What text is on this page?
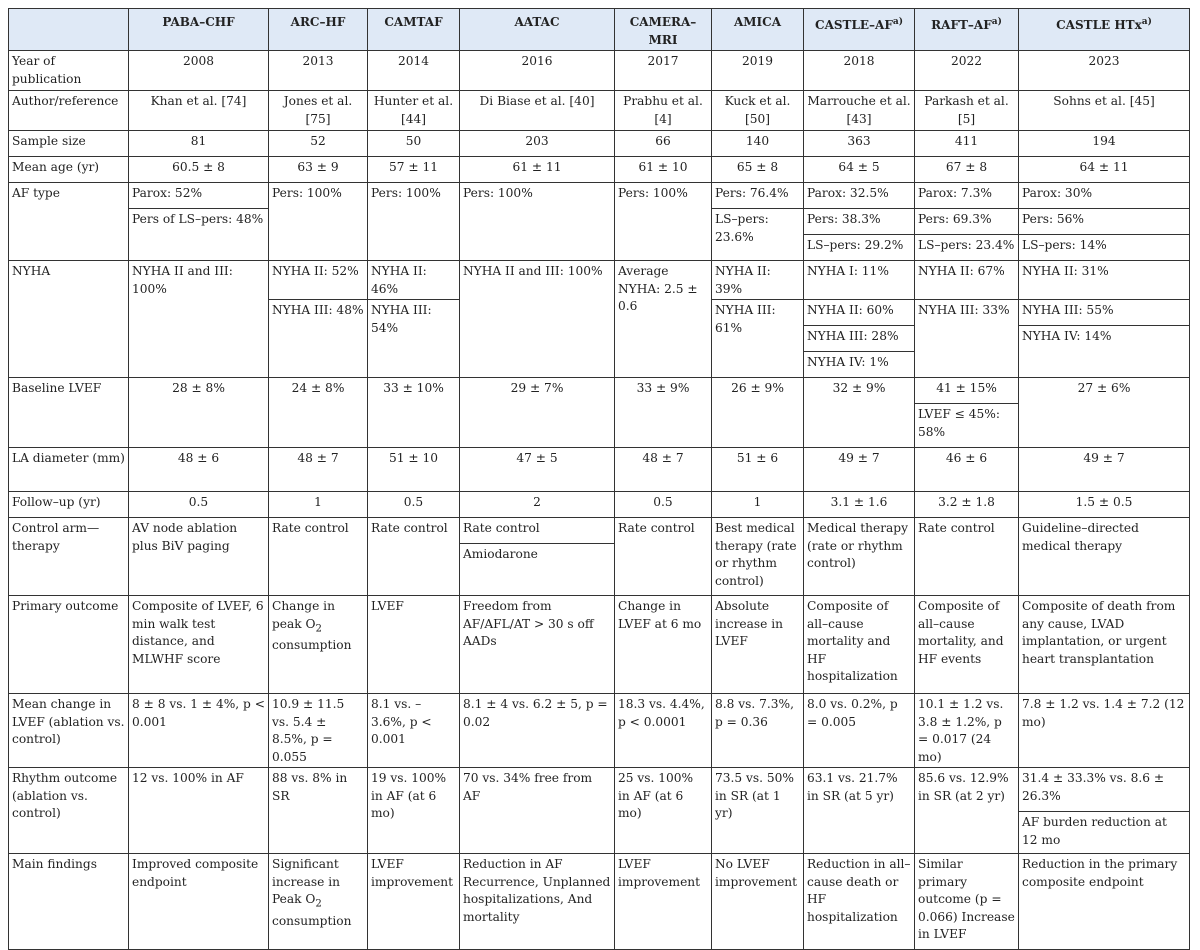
	PABA–CHF	ARC–HF	CAMTAF	AATAC	CAMERA–MRI	AMICA	CASTLE–AF$^{a)}$	RAFT–AF$^{a)}$	CASTLE HTx$^{a)}$
Year of publication	2008	2013	2014	2016	2017	2019	2018	2022	2023
Author/reference	Khan et al. [74]	Jones et al. [75]	Hunter et al. [44]	Di Biase et al. [40]	Prabhu et al. [4]	Kuck et al. [50]	Marrouche et al. [43]	Parkash et al. [5]	Sohns et al. [45]
Sample size	81	52	50	203	66	140	363	411	194
Mean age (yr)	60.5 ± 8	63 ± 9	57 ± 11	61 ± 11	61 ± 10	65 ± 8	64 ± 5	67 ± 8	64 ± 11
AF type	Parox: 52%	Pers: 100%	Pers: 100%	Pers: 100%	Pers: 100%	Pers: 76.4%	Parox: 32.5%	Parox: 7.3%	Parox: 30%
	Pers of LS–pers: 48%					LS–pers: 23.6%	Pers: 38.3%	Pers: 69.3%	Pers: 56%
							LS–pers: 29.2%	LS–pers: 23.4%	LS–pers: 14%
NYHA	NYHA II and III: 100%	NYHA II: 52%	NYHA II: 46%	NYHA II and III: 100%	Average NYHA: 2.5 ± 0.6	NYHA II: 39%	NYHA I: 11%	NYHA II: 67%	NYHA II: 31%
		NYHA III: 48%	NYHA III: 54%			NYHA III: 61%	NYHA II: 60%	NYHA III: 33%	NYHA III: 55%
							NYHA III: 28%		NYHA IV: 14%
							NYHA IV: 1%		
Baseline LVEF	28 ± 8%	24 ± 8%	33 ± 10%	29 ± 7%	33 ± 9%	26 ± 9%	32 ± 9%	41 ± 15%	27 ± 6%
								LVEF ≤ 45%: 58%	
LA diameter (mm)	48 ± 6	48 ± 7	51 ± 10	47 ± 5	48 ± 7	51 ± 6	49 ± 7	46 ± 6	49 ± 7
Follow–up (yr)	0.5	1	0.5	2	0.5	1	3.1 ± 1.6	3.2 ± 1.8	1.5 ± 0.5
Control arm—therapy	AV node ablation plus BiV paging	Rate control	Rate control	Rate control	Rate control	Best medical therapy (rate or rhythm control)	Medical therapy (rate or rhythm control)	Rate control	Guideline–directed medical therapy
				Amiodarone					
Primary outcome	Composite of LVEF, 6 min walk test distance, and MLWHF score	Change in peak $O_2$ consumption	LVEF	Freedom from AF/AFL/AT > 30 s off AADs	Change in LVEF at 6 mo	Absolute increase in LVEF	Composite of all–cause mortality and HF hospitalization	Composite of all–cause mortality, and HF events	Composite of death from any cause, LVAD implantation, or urgent heart transplantation
Mean change in LVEF (ablation vs. control)	8 ± 8 vs. 1 ± 4%, p < 0.001	10.9 ± 11.5 vs. 5.4 ± 8.5%, p = 0.055	8.1 vs. –3.6%, p < 0.001	8.1 ± 4 vs. 6.2 ± 5, p = 0.02	18.3 vs. 4.4%, p < 0.0001	8.8 vs. 7.3%, p = 0.36	8.0 vs. 0.2%, p = 0.005	10.1 ± 1.2 vs. 3.8 ± 1.2%, p = 0.017 (24 mo)	7.8 ± 1.2 vs. 1.4 ± 7.2 (12 mo)
Rhythm outcome (ablation vs. control)	12 vs. 100% in AF	88 vs. 8% in SR	19 vs. 100% in AF (at 6 mo)	70 vs. 34% free from AF	25 vs. 100% in AF (at 6 mo)	73.5 vs. 50% in SR (at 1 yr)	63.1 vs. 21.7% in SR (at 5 yr)	85.6 vs. 12.9% in SR (at 2 yr)	31.4 ± 33.3% vs. 8.6 ± 26.3%
									AF burden reduction at 12 mo
Main findings	Improved composite endpoint	Significant increase in Peak $O_2$ consumption	LVEF improvement	Reduction in AF Recurrence, Unplanned hospitalizations, And mortality	LVEF improvement	No LVEF improvement	Reduction in all–cause death or HF hospitalization	Similar primary outcome (p = 0.066) Increase in LVEF	Reduction in the primary composite endpoint
